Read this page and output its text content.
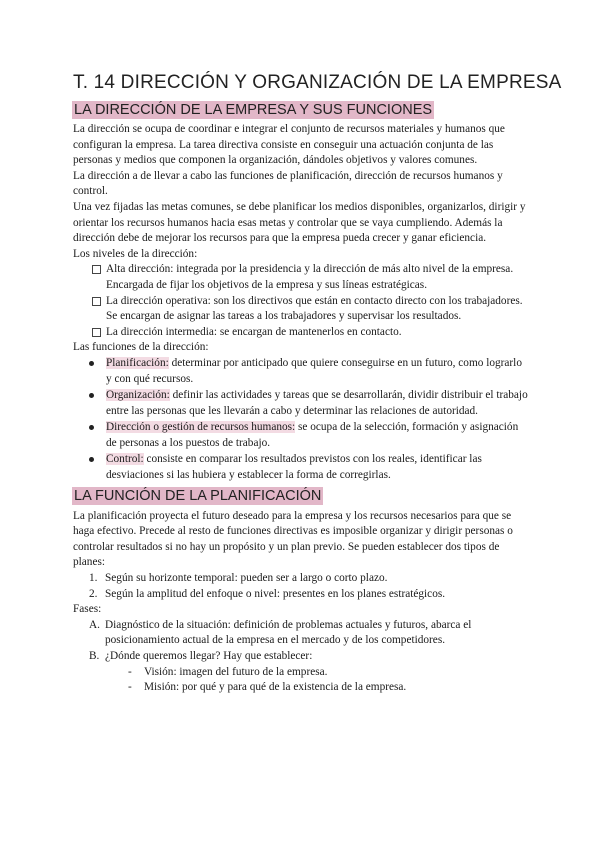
T. 14 DIRECCIÓN Y ORGANIZACIÓN DE LA EMPRESA
LA DIRECCIÓN DE LA EMPRESA Y SUS FUNCIONES

La dirección se ocupa de coordinar e integrar el conjunto de recursos materiales y humanos que configuran la empresa. La tarea directiva consiste en conseguir una actuación conjunta de las personas y medios que componen la organización, dándoles objetivos y valores comunes.

La dirección a de llevar a cabo las funciones de planificación, dirección de recursos humanos y control.

Una vez fijadas las metas comunes, se debe planificar los medios disponibles, organizarlos, dirigir y orientar los recursos humanos hacia esas metas y controlar que se vaya cumpliendo. Además la dirección debe de mejorar los recursos para que la empresa pueda crecer y ganar eficiencia.

Los niveles de la dirección:

Alta dirección: integrada por la presidencia y la dirección de más alto nivel de la empresa. Encargada de fijar los objetivos de la empresa y sus líneas estratégicas.
La dirección operativa: son los directivos que están en contacto directo con los trabajadores. Se encargan de asignar las tareas a los trabajadores y supervisar los resultados.
La dirección intermedia: se encargan de mantenerlos en contacto.

Las funciones de la dirección:

Planificación: determinar por anticipado que quiere conseguirse en un futuro, como lograrlo y con qué recursos.
Organización: definir las actividades y tareas que se desarrollarán, dividir distribuir el trabajo entre las personas que les llevarán a cabo y determinar las relaciones de autoridad.
Dirección o gestión de recursos humanos: se ocupa de la selección, formación y asignación de personas a los puestos de trabajo.
Control: consiste en comparar los resultados previstos con los reales, identificar las desviaciones si las hubiera y establecer la forma de corregirlas.
LA FUNCIÓN DE LA PLANIFICACIÓN

La planificación proyecta el futuro deseado para la empresa y los recursos necesarios para que se haga efectivo. Precede al resto de funciones directivas es imposible organizar y dirigir personas o controlar resultados si no hay un propósito y un plan previo. Se pueden establecer dos tipos de planes:

1. Según su horizonte temporal: pueden ser a largo o corto plazo.
2. Según la amplitud del enfoque o nivel: presentes en los planes estratégicos.

Fases:

A. Diagnóstico de la situación: definición de problemas actuales y futuros, abarca el posicionamiento actual de la empresa en el mercado y de los competidores.
B. ¿Dónde queremos llegar? Hay que establecer:
- Visión: imagen del futuro de la empresa.
- Misión: por qué y para qué de la existencia de la empresa.
